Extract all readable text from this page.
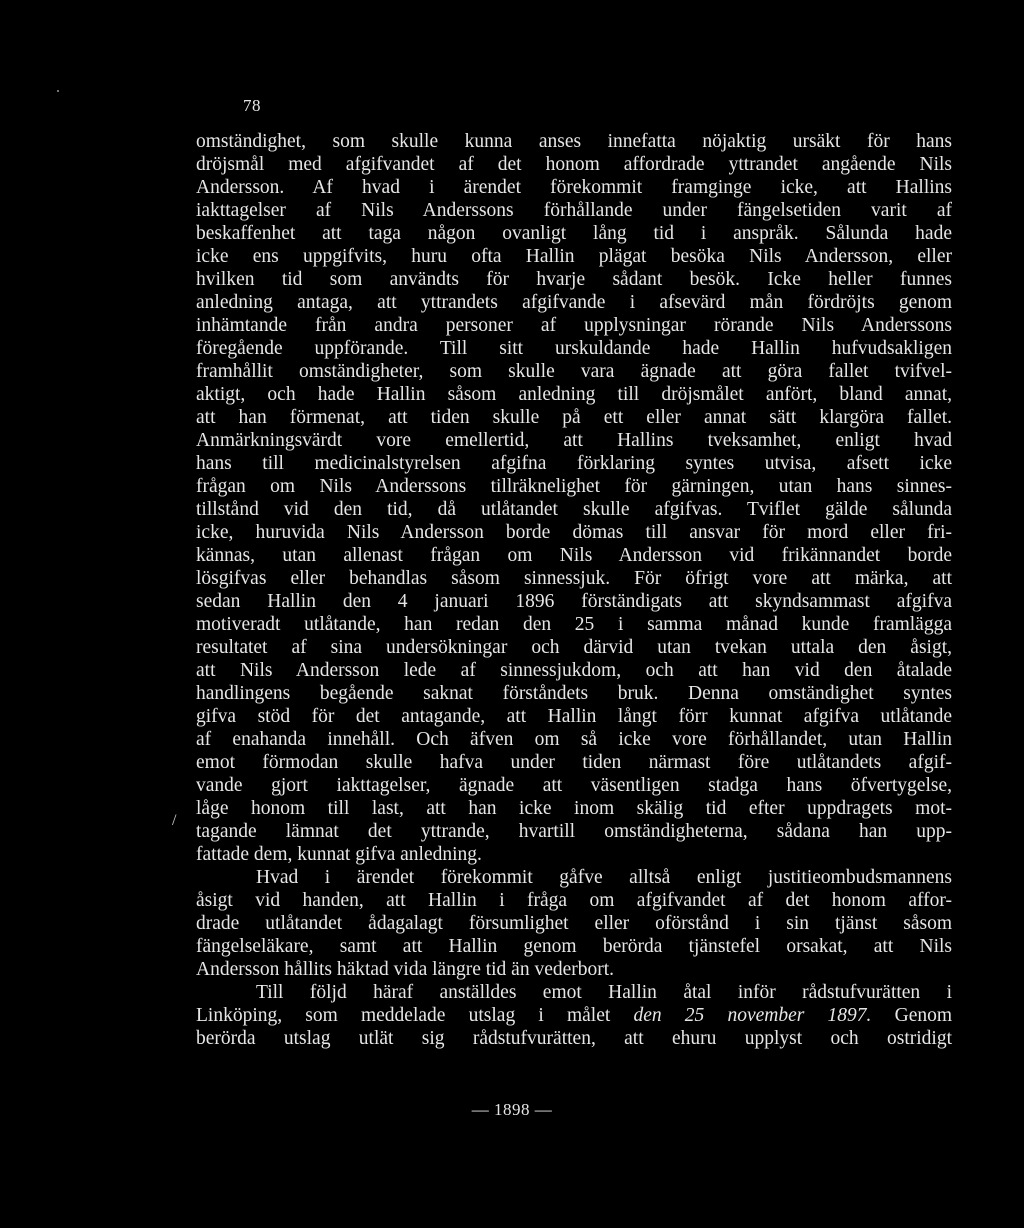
78
/
omständighet, som skulle kunna anses innefatta nöjaktig ursäkt för hans
dröjsmål med afgifvandet af det honom affordrade yttrandet angående Nils
Andersson. Af hvad i ärendet förekommit framginge icke, att Hallins
iakttagelser af Nils Anderssons förhållande under fängelsetiden varit af
beskaffenhet att taga någon ovanligt lång tid i anspråk. Sålunda hade
icke ens uppgifvits, huru ofta Hallin plägat besöka Nils Andersson, eller
hvilken tid som användts för hvarje sådant besök. Icke heller funnes
anledning antaga, att yttrandets afgifvande i afsevärd mån fördröjts genom
inhämtande från andra personer af upplysningar rörande Nils Anderssons
föregående uppförande. Till sitt urskuldande hade Hallin hufvudsakligen
framhållit omständigheter, som skulle vara ägnade att göra fallet tvifvel-
aktigt, och hade Hallin såsom anledning till dröjsmålet anfört, bland annat,
att han förmenat, att tiden skulle på ett eller annat sätt klargöra fallet.
Anmärkningsvärdt vore emellertid, att Hallins tveksamhet, enligt hvad
hans till medicinalstyrelsen afgifna förklaring syntes utvisa, afsett icke
frågan om Nils Anderssons tillräknelighet för gärningen, utan hans sinnes-
tillstånd vid den tid, då utlåtandet skulle afgifvas. Tviflet gälde sålunda
icke, huruvida Nils Andersson borde dömas till ansvar för mord eller fri-
kännas, utan allenast frågan om Nils Andersson vid frikännandet borde
lösgifvas eller behandlas såsom sinnessjuk. För öfrigt vore att märka, att
sedan Hallin den 4 januari 1896 förständigats att skyndsammast afgifva
motiveradt utlåtande, han redan den 25 i samma månad kunde framlägga
resultatet af sina undersökningar och därvid utan tvekan uttala den åsigt,
att Nils Andersson lede af sinnessjukdom, och att han vid den åtalade
handlingens begående saknat förståndets bruk. Denna omständighet syntes
gifva stöd för det antagande, att Hallin långt förr kunnat afgifva utlåtande
af enahanda innehåll. Och äfven om så icke vore förhållandet, utan Hallin
emot förmodan skulle hafva under tiden närmast före utlåtandets afgif-
vande gjort iakttagelser, ägnade att väsentligen stadga hans öfvertygelse,
låge honom till last, att han icke inom skälig tid efter uppdragets mot-
tagande lämnat det yttrande, hvartill omständigheterna, sådana han upp-
fattade dem, kunnat gifva anledning.
Hvad i ärendet förekommit gåfve alltså enligt justitieombudsmannens
åsigt vid handen, att Hallin i fråga om afgifvandet af det honom affor-
drade utlåtandet ådagalagt försumlighet eller oförstånd i sin tjänst såsom
fängelseläkare, samt att Hallin genom berörda tjänstefel orsakat, att Nils
Andersson hållits häktad vida längre tid än vederbort.
Till följd häraf anställdes emot Hallin åtal inför rådstufvurätten i
Linköping, som meddelade utslag i målet den 25 november 1897. Genom
berörda utslag utlät sig rådstufvurätten, att ehuru upplyst och ostridigt
— 1898 —
